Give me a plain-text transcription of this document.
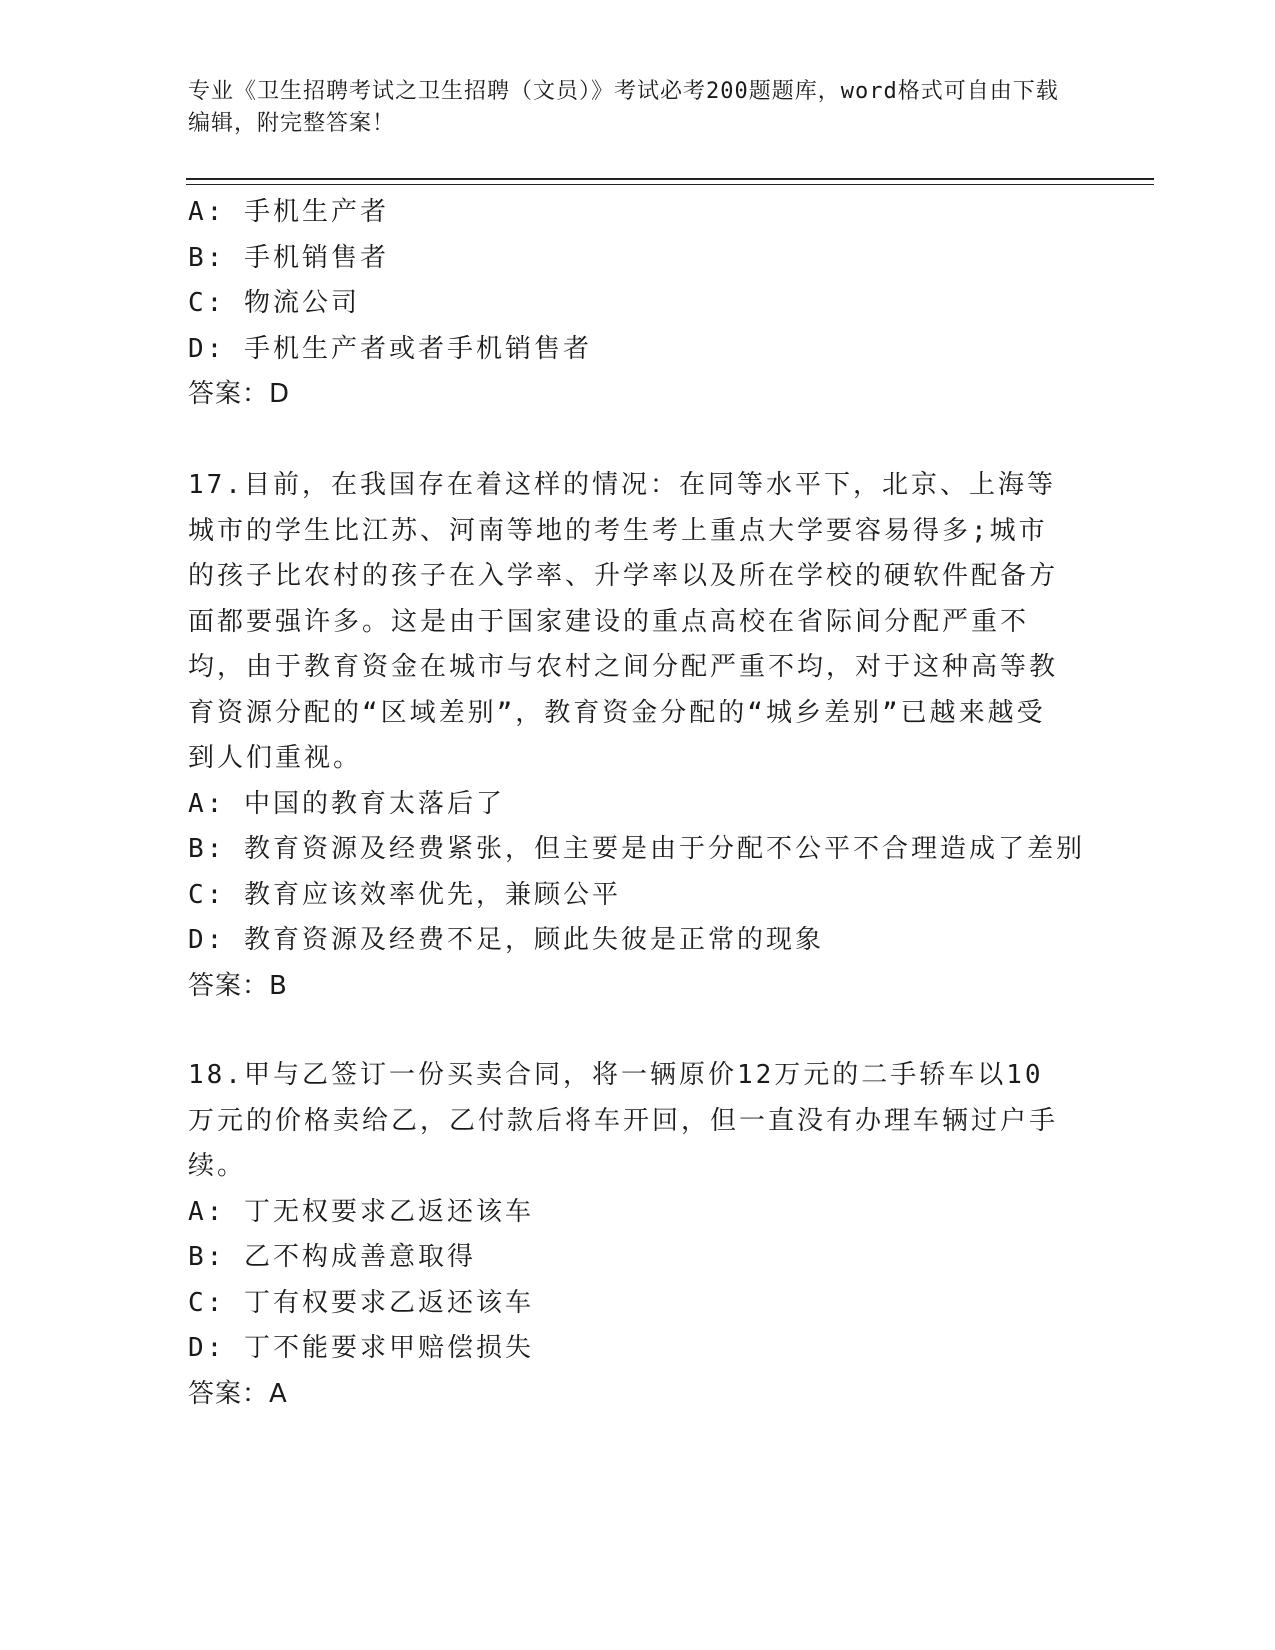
专业《卫生招聘考试之卫生招聘（文员）》考试必考200题题库，word格式可自由下载编辑，附完整答案！
A: 手机生产者
B: 手机销售者
C: 物流公司
D: 手机生产者或者手机销售者
答案：D
17.目前，在我国存在着这样的情况：在同等水平下，北京、上海等城市的学生比江苏、河南等地的考生考上重点大学要容易得多;城市的孩子比农村的孩子在入学率、升学率以及所在学校的硬软件配备方面都要强许多。这是由于国家建设的重点高校在省际间分配严重不均，由于教育资金在城市与农村之间分配严重不均，对于这种高等教育资源分配的“区域差别”，教育资金分配的“城乡差别”已越来越受到人们重视。
A: 中国的教育太落后了
B: 教育资源及经费紧张，但主要是由于分配不公平不合理造成了差别
C: 教育应该效率优先，兼顾公平
D: 教育资源及经费不足，顾此失彼是正常的现象
答案：B
18.甲与乙签订一份买卖合同，将一辆原价12万元的二手轿车以10万元的价格卖给乙，乙付款后将车开回，但一直没有办理车辆过户手续。
A: 丁无权要求乙返还该车
B: 乙不构成善意取得
C: 丁有权要求乙返还该车
D: 丁不能要求甲赔偿损失
答案：A
